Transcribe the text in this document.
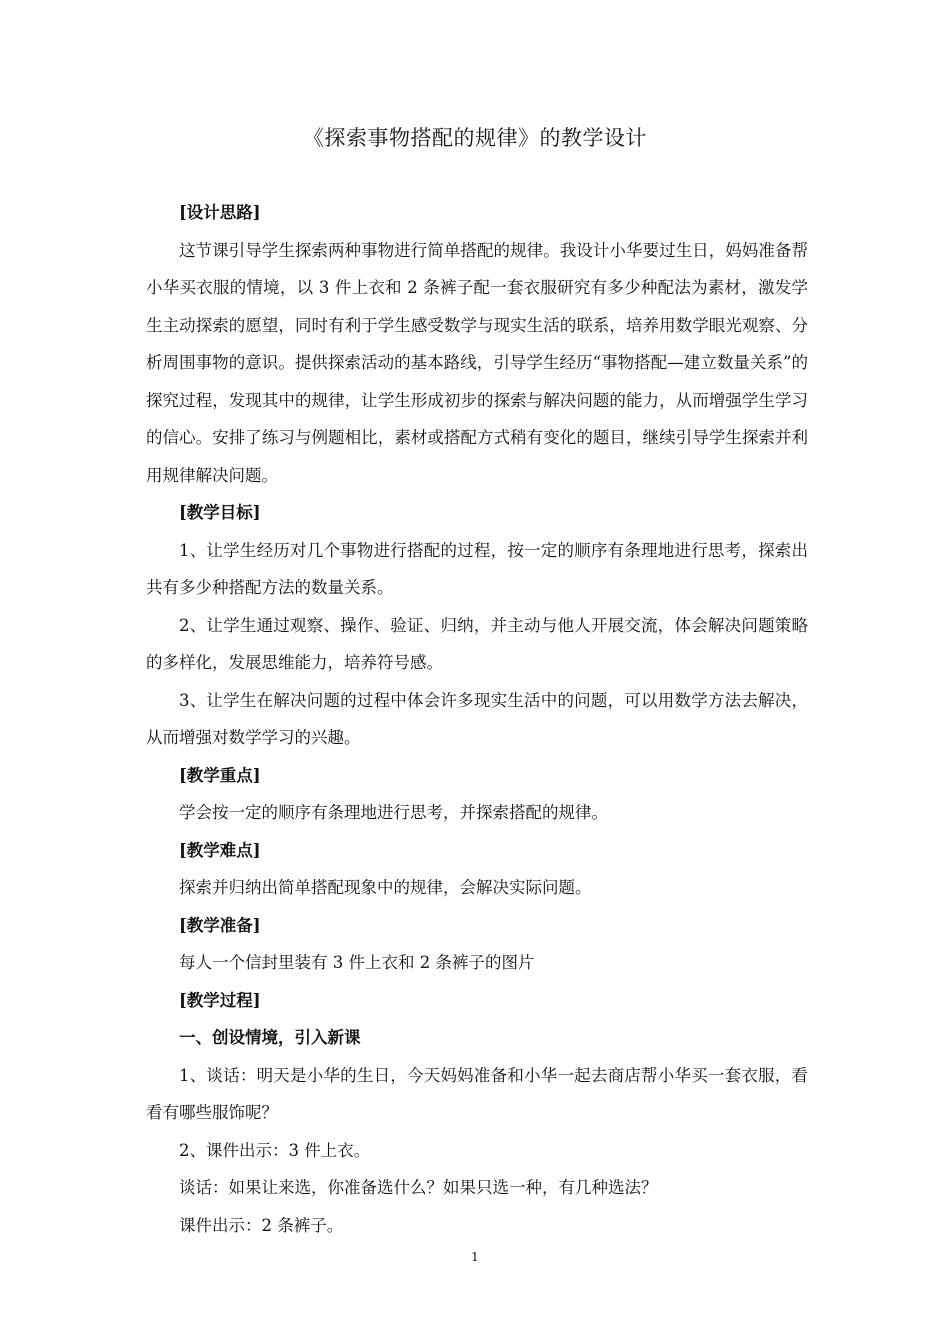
《探索事物搭配的规律》的教学设计
[设计思路]

这节课引导学生探索两种事物进行简单搭配的规律。我设计小华要过生日，妈妈准备帮小华买衣服的情境，以 3 件上衣和 2 条裤子配一套衣服研究有多少种配法为素材，激发学生主动探索的愿望，同时有利于学生感受数学与现实生活的联系，培养用数学眼光观察、分析周围事物的意识。提供探索活动的基本路线，引导学生经历“事物搭配—建立数量关系”的探究过程，发现其中的规律，让学生形成初步的探索与解决问题的能力，从而增强学生学习的信心。安排了练习与例题相比，素材或搭配方式稍有变化的题目，继续引导学生探索并利用规律解决问题。

[教学目标]

1、让学生经历对几个事物进行搭配的过程，按一定的顺序有条理地进行思考，探索出共有多少种搭配方法的数量关系。

2、让学生通过观察、操作、验证、归纳，并主动与他人开展交流，体会解决问题策略的多样化，发展思维能力，培养符号感。

3、让学生在解决问题的过程中体会许多现实生活中的问题，可以用数学方法去解决，从而增强对数学学习的兴趣。

[教学重点]

学会按一定的顺序有条理地进行思考，并探索搭配的规律。

[教学难点]

探索并归纳出简单搭配现象中的规律，会解决实际问题。

[教学准备]

每人一个信封里装有 3 件上衣和 2 条裤子的图片

[教学过程]
一、创设情境，引入新课

1、谈话：明天是小华的生日，今天妈妈准备和小华一起去商店帮小华买一套衣服，看看有哪些服饰呢？

2、课件出示：3 件上衣。

谈话：如果让来选，你准备选什么？如果只选一种，有几种选法？

课件出示：2 条裤子。

1
